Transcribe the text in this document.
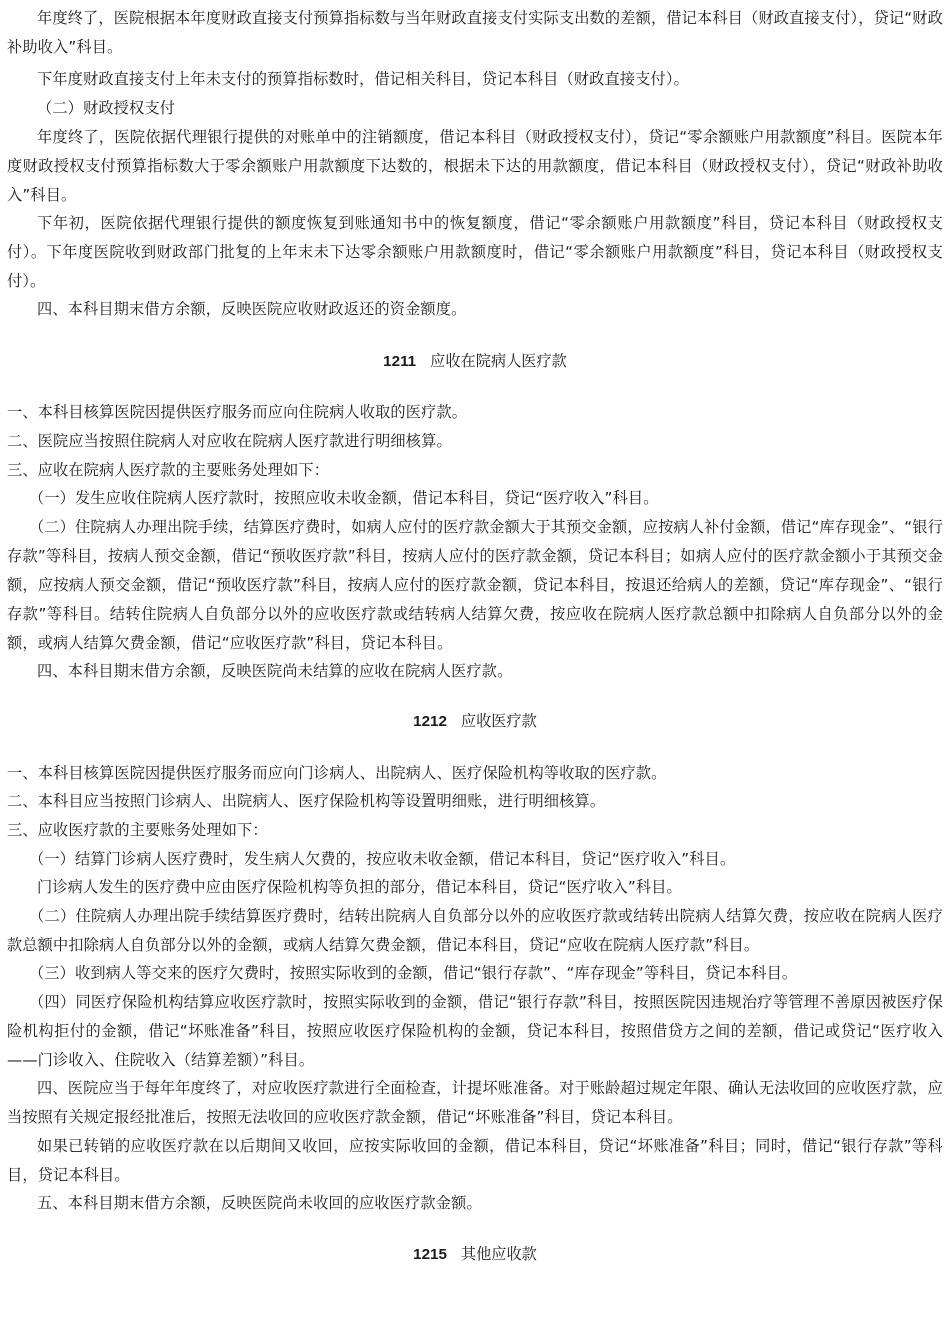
年度终了，医院根据本年度财政直接支付预算指标数与当年财政直接支付实际支出数的差额，借记本科目（财政直接支付），贷记“财政补助收入”科目。

下年度财政直接支付上年未支付的预算指标数时，借记相关科目，贷记本科目（财政直接支付）。

（二）财政授权支付

年度终了，医院依据代理银行提供的对账单中的注销额度，借记本科目（财政授权支付），贷记“零余额账户用款额度”科目。医院本年度财政授权支付预算指标数大于零余额账户用款额度下达数的，根据未下达的用款额度，借记本科目（财政授权支付），贷记“财政补助收入”科目。

下年初，医院依据代理银行提供的额度恢复到账通知书中的恢复额度，借记“零余额账户用款额度”科目，贷记本科目（财政授权支付）。下年度医院收到财政部门批复的上年末未下达零余额账户用款额度时，借记“零余额账户用款额度”科目，贷记本科目（财政授权支付）。

四、本科目期末借方余额，反映医院应收财政返还的资金额度。

1211 应收在院病人医疗款

一、本科目核算医院因提供医疗服务而应向住院病人收取的医疗款。

二、医院应当按照住院病人对应收在院病人医疗款进行明细核算。

三、应收在院病人医疗款的主要账务处理如下：

（一）发生应收住院病人医疗款时，按照应收未收金额，借记本科目，贷记“医疗收入”科目。

（二）住院病人办理出院手续，结算医疗费时，如病人应付的医疗款金额大于其预交金额，应按病人补付金额，借记“库存现金”、“银行存款”等科目，按病人预交金额，借记“预收医疗款”科目，按病人应付的医疗款金额，贷记本科目；如病人应付的医疗款金额小于其预交金额，应按病人预交金额，借记“预收医疗款”科目，按病人应付的医疗款金额，贷记本科目，按退还给病人的差额，贷记“库存现金”、“银行存款”等科目。结转住院病人自负部分以外的应收医疗款或结转病人结算欠费，按应收在院病人医疗款总额中扣除病人自负部分以外的金额，或病人结算欠费金额，借记“应收医疗款”科目，贷记本科目。

四、本科目期末借方余额，反映医院尚未结算的应收在院病人医疗款。

1212 应收医疗款

一、本科目核算医院因提供医疗服务而应向门诊病人、出院病人、医疗保险机构等收取的医疗款。

二、本科目应当按照门诊病人、出院病人、医疗保险机构等设置明细账，进行明细核算。

三、应收医疗款的主要账务处理如下：

（一）结算门诊病人医疗费时，发生病人欠费的，按应收未收金额，借记本科目，贷记“医疗收入”科目。

门诊病人发生的医疗费中应由医疗保险机构等负担的部分，借记本科目，贷记“医疗收入”科目。

（二）住院病人办理出院手续结算医疗费时，结转出院病人自负部分以外的应收医疗款或结转出院病人结算欠费，按应收在院病人医疗款总额中扣除病人自负部分以外的金额，或病人结算欠费金额，借记本科目，贷记“应收在院病人医疗款”科目。

（三）收到病人等交来的医疗欠费时，按照实际收到的金额，借记“银行存款”、“库存现金”等科目，贷记本科目。

（四）同医疗保险机构结算应收医疗款时，按照实际收到的金额，借记“银行存款”科目，按照医院因违规治疗等管理不善原因被医疗保险机构拒付的金额，借记“坏账准备”科目，按照应收医疗保险机构的金额，贷记本科目，按照借贷方之间的差额，借记或贷记“医疗收入——门诊收入、住院收入（结算差额）”科目。

四、医院应当于每年年度终了，对应收医疗款进行全面检查，计提坏账准备。对于账龄超过规定年限、确认无法收回的应收医疗款，应当按照有关规定报经批准后，按照无法收回的应收医疗款金额，借记“坏账准备”科目，贷记本科目。

如果已转销的应收医疗款在以后期间又收回，应按实际收回的金额，借记本科目，贷记“坏账准备”科目；同时，借记“银行存款”等科目，贷记本科目。

五、本科目期末借方余额，反映医院尚未收回的应收医疗款金额。

1215 其他应收款
